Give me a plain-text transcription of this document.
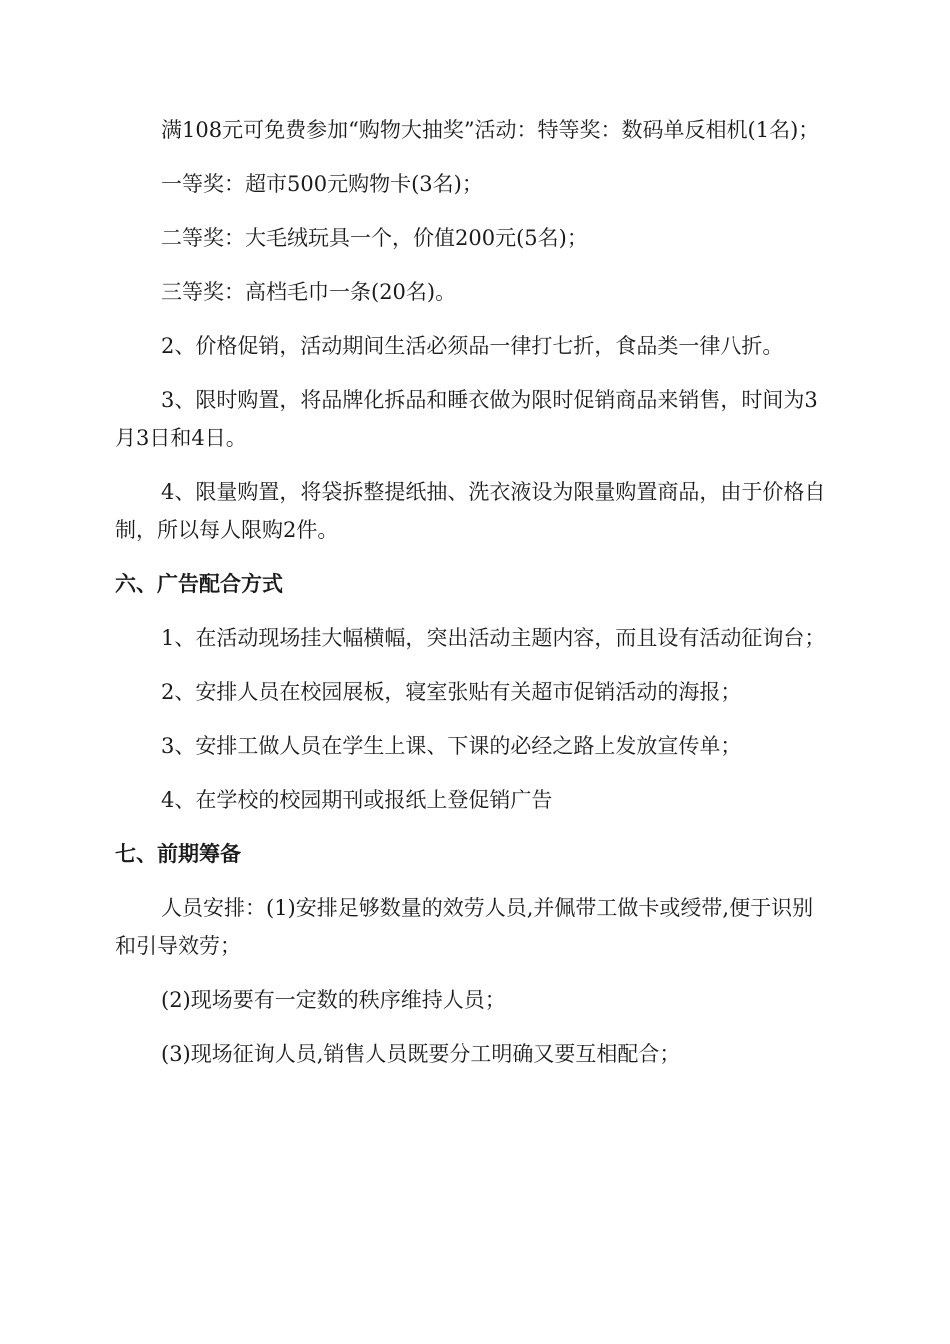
满108元可免费参加“购物大抽奖”活动：特等奖：数码单反相机(1名)；

一等奖：超市500元购物卡(3名)；

二等奖：大毛绒玩具一个，价值200元(5名)；

三等奖：高档毛巾一条(20名)。

2、价格促销，活动期间生活必须品一律打七折，食品类一律八折。

3、限时购置，将品牌化拆品和睡衣做为限时促销商品来销售，时间为3月3日和4日。

4、限量购置，将袋拆整提纸抽、洗衣液设为限量购置商品，由于价格自制，所以每人限购2件。

六、广告配合方式

1、在活动现场挂大幅横幅，突出活动主题内容，而且设有活动征询台；

2、安排人员在校园展板，寝室张贴有关超市促销活动的海报；

3、安排工做人员在学生上课、下课的必经之路上发放宣传单；

4、在学校的校园期刊或报纸上登促销广告

七、前期筹备

人员安排：(1)安排足够数量的效劳人员,并佩带工做卡或绶带,便于识别和引导效劳；

(2)现场要有一定数的秩序维持人员；

(3)现场征询人员,销售人员既要分工明确又要互相配合；
